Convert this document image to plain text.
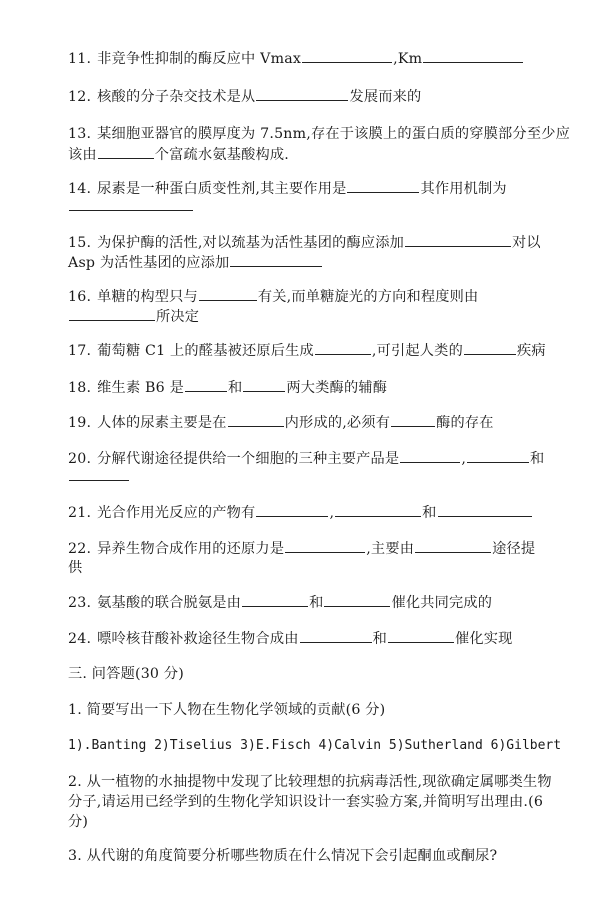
11. 非竞争性抑制的酶反应中 Vmax	,Km
12. 核酸的分子杂交技术是从	发展而来的
13. 某细胞亚器官的膜厚度为 7.5nm,存在于该膜上的蛋白质的穿膜部分至少应
该由	个富疏水氨基酸构成.
14. 尿素是一种蛋白质变性剂,其主要作用是	其作用机制为
15. 为保护酶的活性,对以巯基为活性基团的酶应添加	对以
Asp 为活性基团的应添加
16. 单糖的构型只与	有关,而单糖旋光的方向和程度则由
所决定
17. 葡萄糖 C1 上的醛基被还原后生成	,可引起人类的	疾病
18. 维生素 B6 是	和	两大类酶的辅酶
19. 人体的尿素主要是在	内形成的,必须有	酶的存在
20. 分解代谢途径提供给一个细胞的三种主要产品是	,	和
21. 光合作用光反应的产物有	,	和
22. 异养生物合成作用的还原力是	,主要由	途径提
供
23. 氨基酸的联合脱氨是由	和	催化共同完成的
24. 嘌呤核苷酸补救途径生物合成由	和	催化实现
三. 问答题(30 分)
1. 简要写出一下人物在生物化学领域的贡献(6 分)
1).Banting 2)Tiselius 3)E.Fisch 4)Calvin 5)Sutherland 6)Gilbert
2. 从一植物的水抽提物中发现了比较理想的抗病毒活性,现欲确定属哪类生物
分子,请运用已经学到的生物化学知识设计一套实验方案,并简明写出理由.(6
分)
3. 从代谢的角度简要分析哪些物质在什么情况下会引起酮血或酮尿?
